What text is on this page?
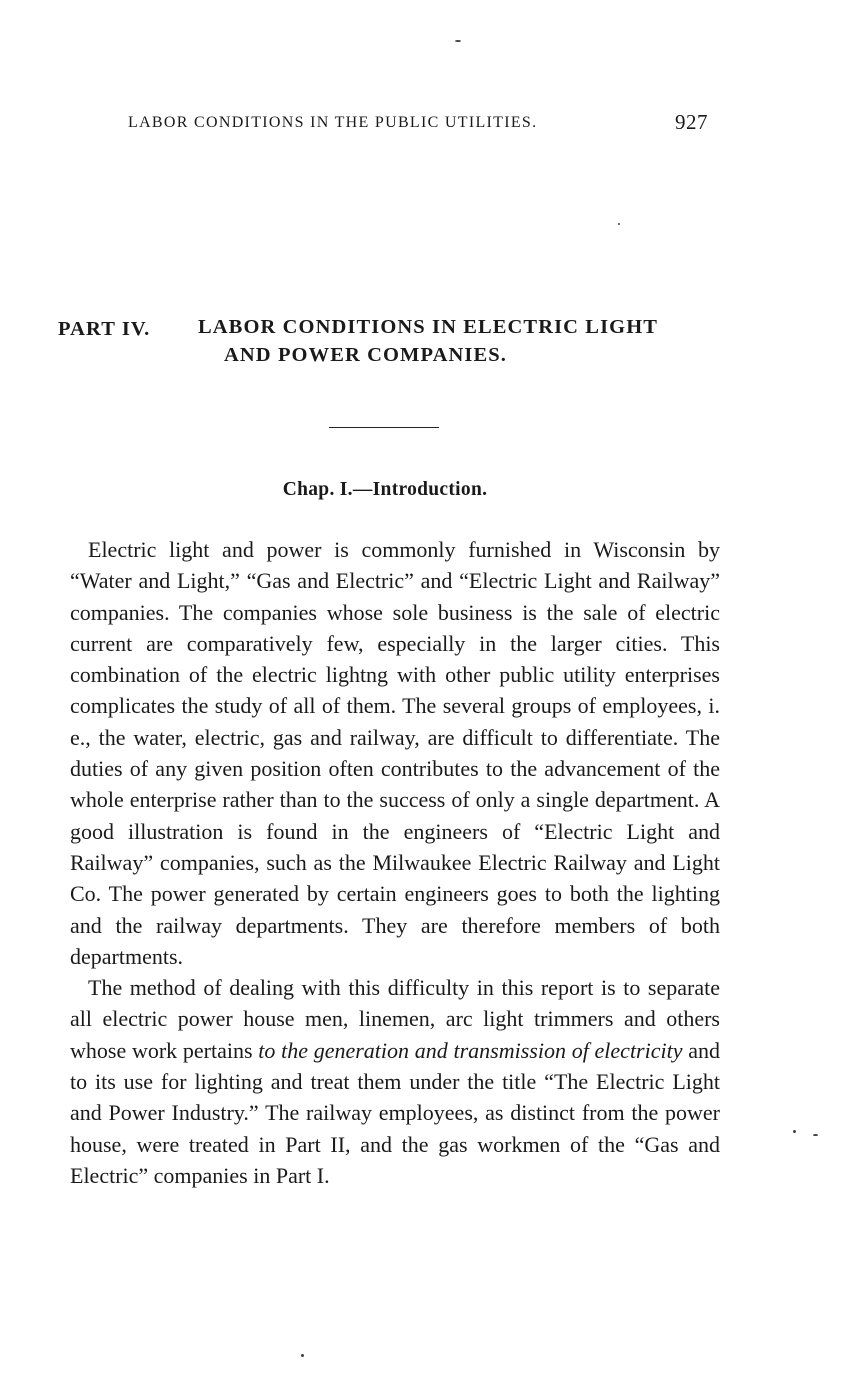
LABOR CONDITIONS IN THE PUBLIC UTILITIES.	927
PART IV. LABOR CONDITIONS IN ELECTRIC LIGHT
AND POWER COMPANIES.
Chap. I.—Introduction.

Electric light and power is commonly furnished in Wisconsin by “Water and Light,” “Gas and Electric” and “Electric Light and Railway” companies. The companies whose sole business is the sale of electric current are comparatively few, especially in the larger cities. This combination of the electric lightng with other public utility enterprises complicates the study of all of them. The several groups of employees, i. e., the water, electric, gas and railway, are difficult to differentiate. The duties of any given position often contributes to the advancement of the whole enterprise rather than to the success of only a single department. A good illustration is found in the engineers of “Electric Light and Railway” companies, such as the Milwaukee Electric Railway and Light Co. The power generated by certain engineers goes to both the lighting and the railway departments. They are therefore members of both departments.

The method of dealing with this difficulty in this report is to separate all electric power house men, linemen, arc light trimmers and others whose work pertains to the generation and transmission of electricity and to its use for lighting and treat them under the title “The Electric Light and Power Industry.” The railway employees, as distinct from the power house, were treated in Part II, and the gas workmen of the “Gas and Electric” companies in Part I.
